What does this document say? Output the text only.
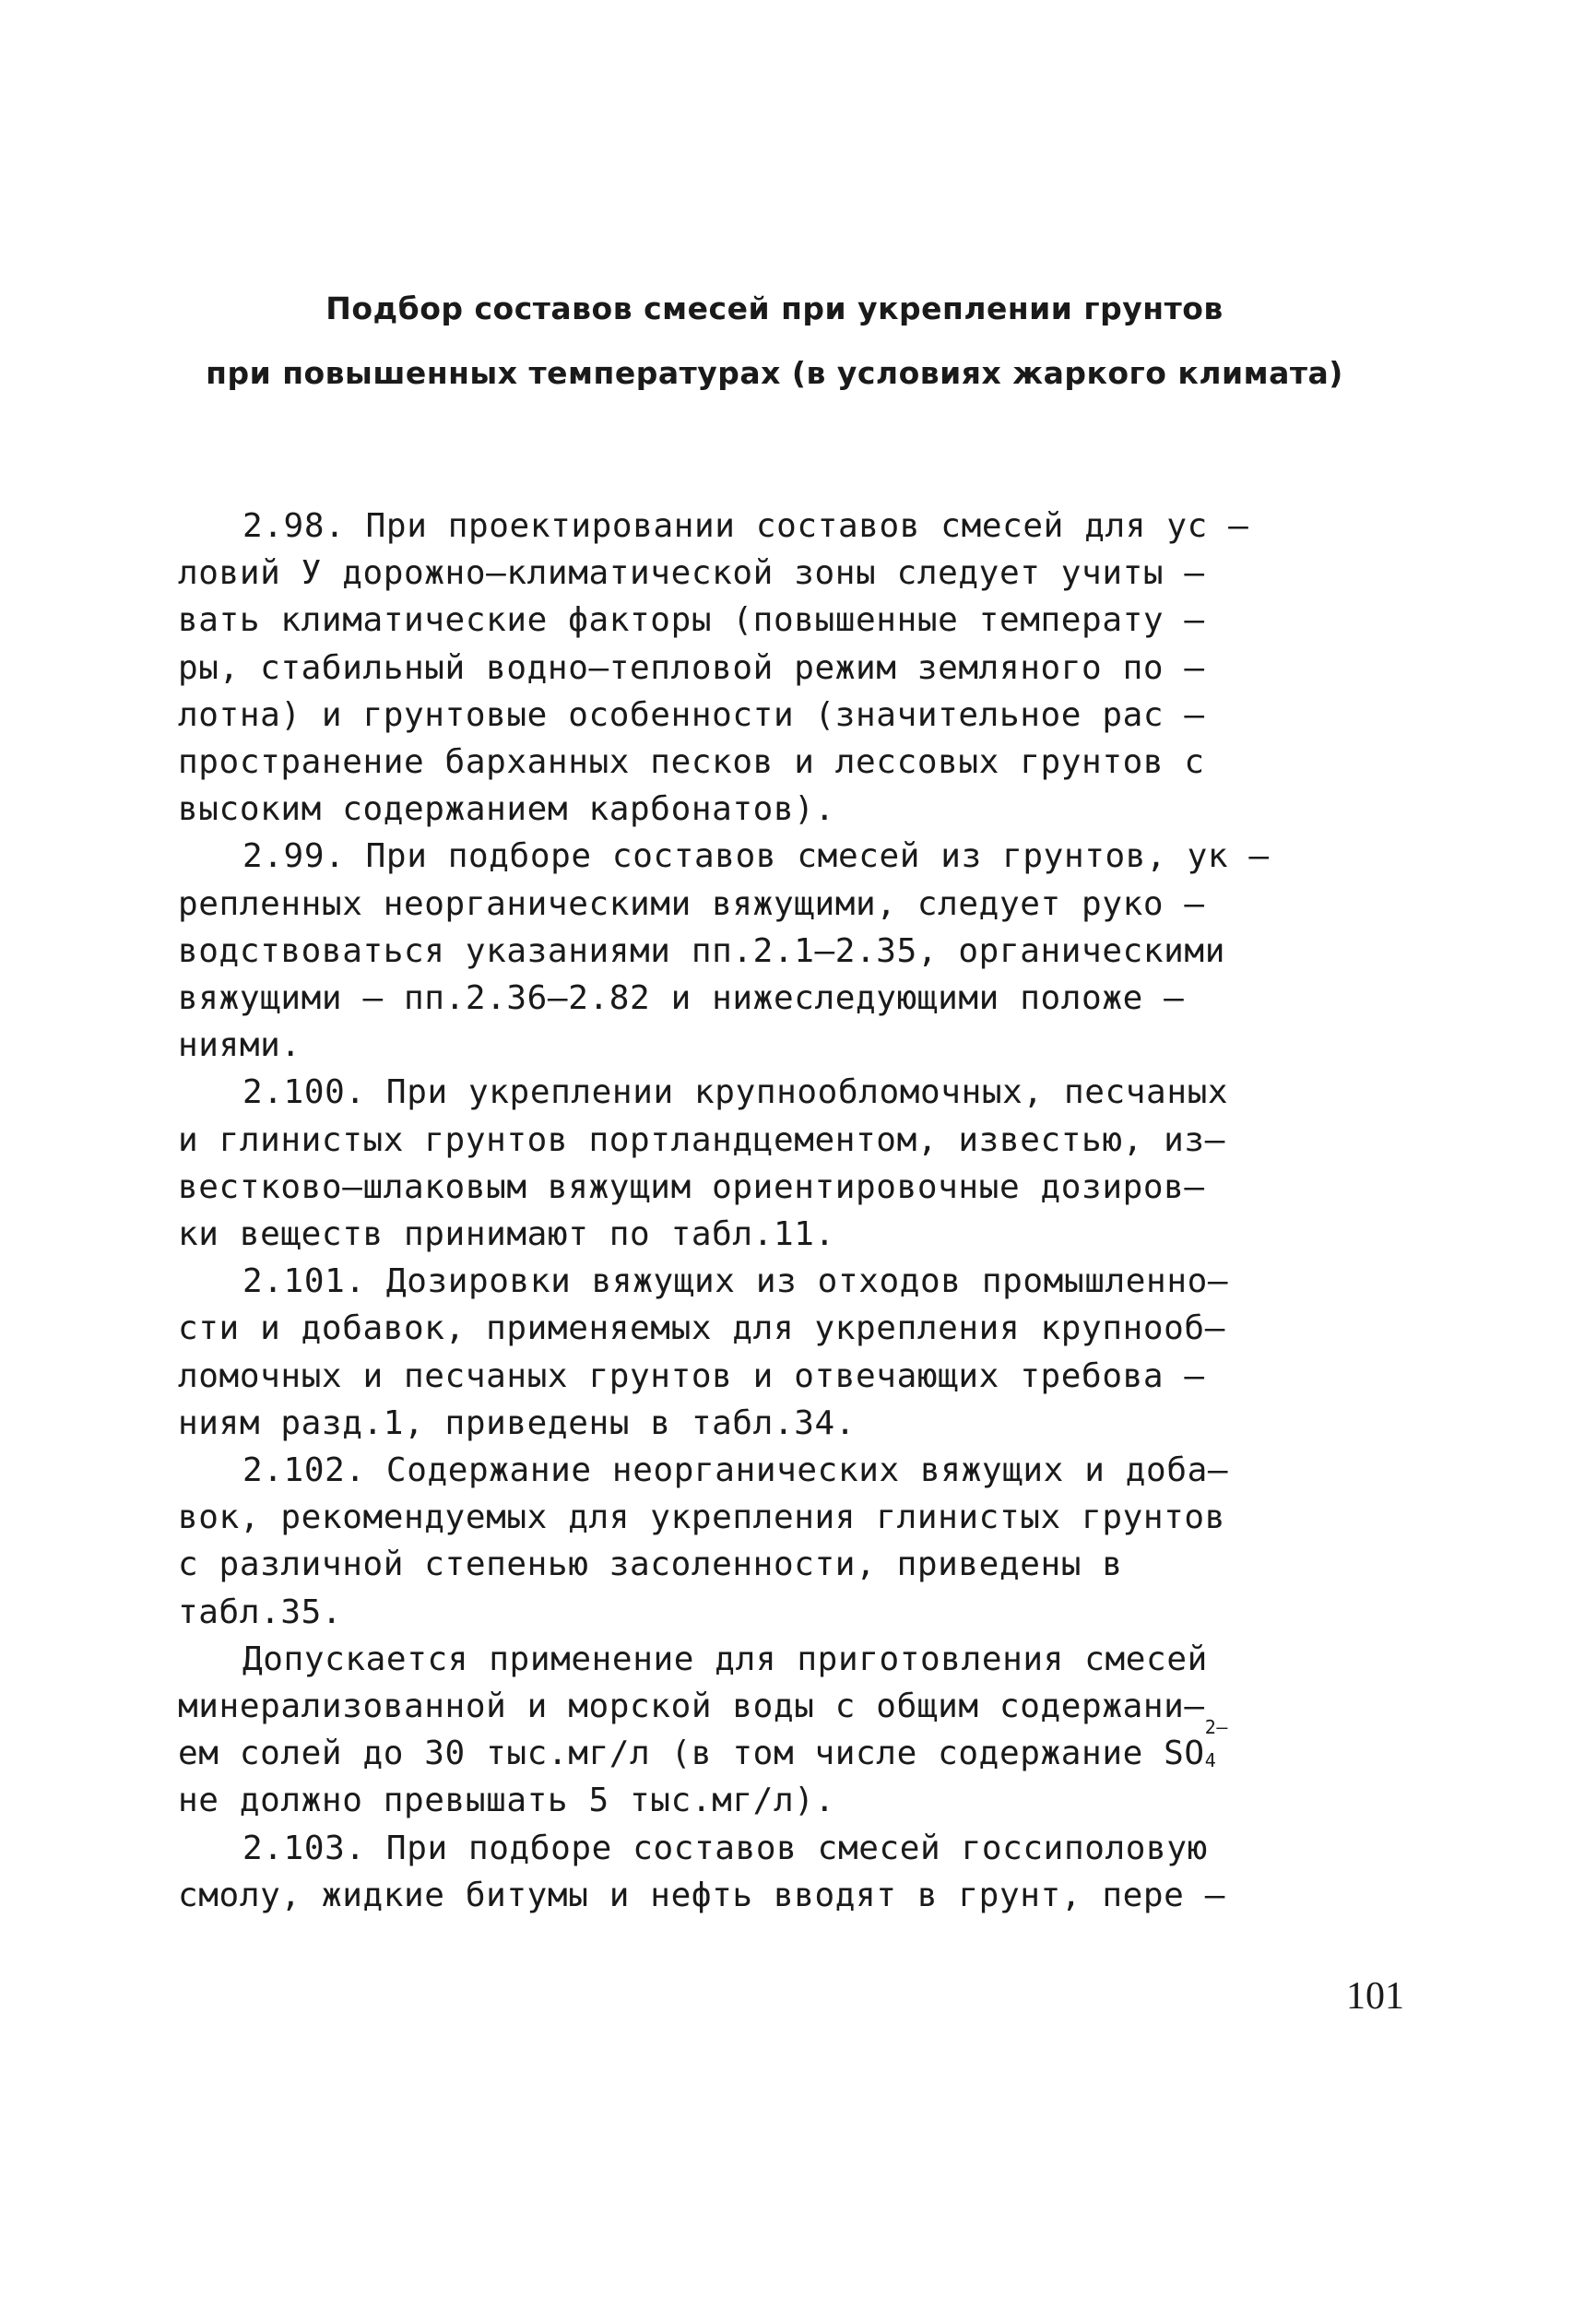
Подбор составов смесей при укреплении грунтов
при повышенных температурах (в условиях жаркого климата)
2.98. При проектировании составов смесей для ус –
ловий У дорожно–климатической зоны следует учиты –
вать климатические факторы (повышенные температу –
ры, стабильный водно–тепловой режим земляного по –
лотна) и грунтовые особенности (значительное рас –
пространение барханных песков и лессовых грунтов с
высоким содержанием карбонатов).
2.99. При подборе составов смесей из грунтов, ук –
репленных неорганическими вяжущими, следует руко –
водствоваться указаниями пп.2.1–2.35, органическими
вяжущими – пп.2.36–2.82 и нижеследующими положе –
ниями.
2.100. При укреплении крупнообломочных, песчаных
и глинистых грунтов портландцементом, известью, из–
вестково–шлаковым вяжущим ориентировочные дозиров–
ки веществ принимают по табл.11.
2.101. Дозировки вяжущих из отходов промышленно–
сти и добавок, применяемых для укрепления крупнооб–
ломочных и песчаных грунтов и отвечающих требова –
ниям разд.1, приведены в табл.34.
2.102. Содержание неорганических вяжущих и доба–
вок, рекомендуемых для укрепления глинистых грунтов
с различной степенью засоленности, приведены в
табл.35.
Допускается применение для приготовления смесей
минерализованной и морской воды с общим содержани–
ем солей до 30 тыс.мг/л (в том числе содержание SO
2–
4
не должно превышать 5 тыс.мг/л).
2.103. При подборе составов смесей госсиполовую
смолу, жидкие битумы и нефть вводят в грунт, пере –
101
